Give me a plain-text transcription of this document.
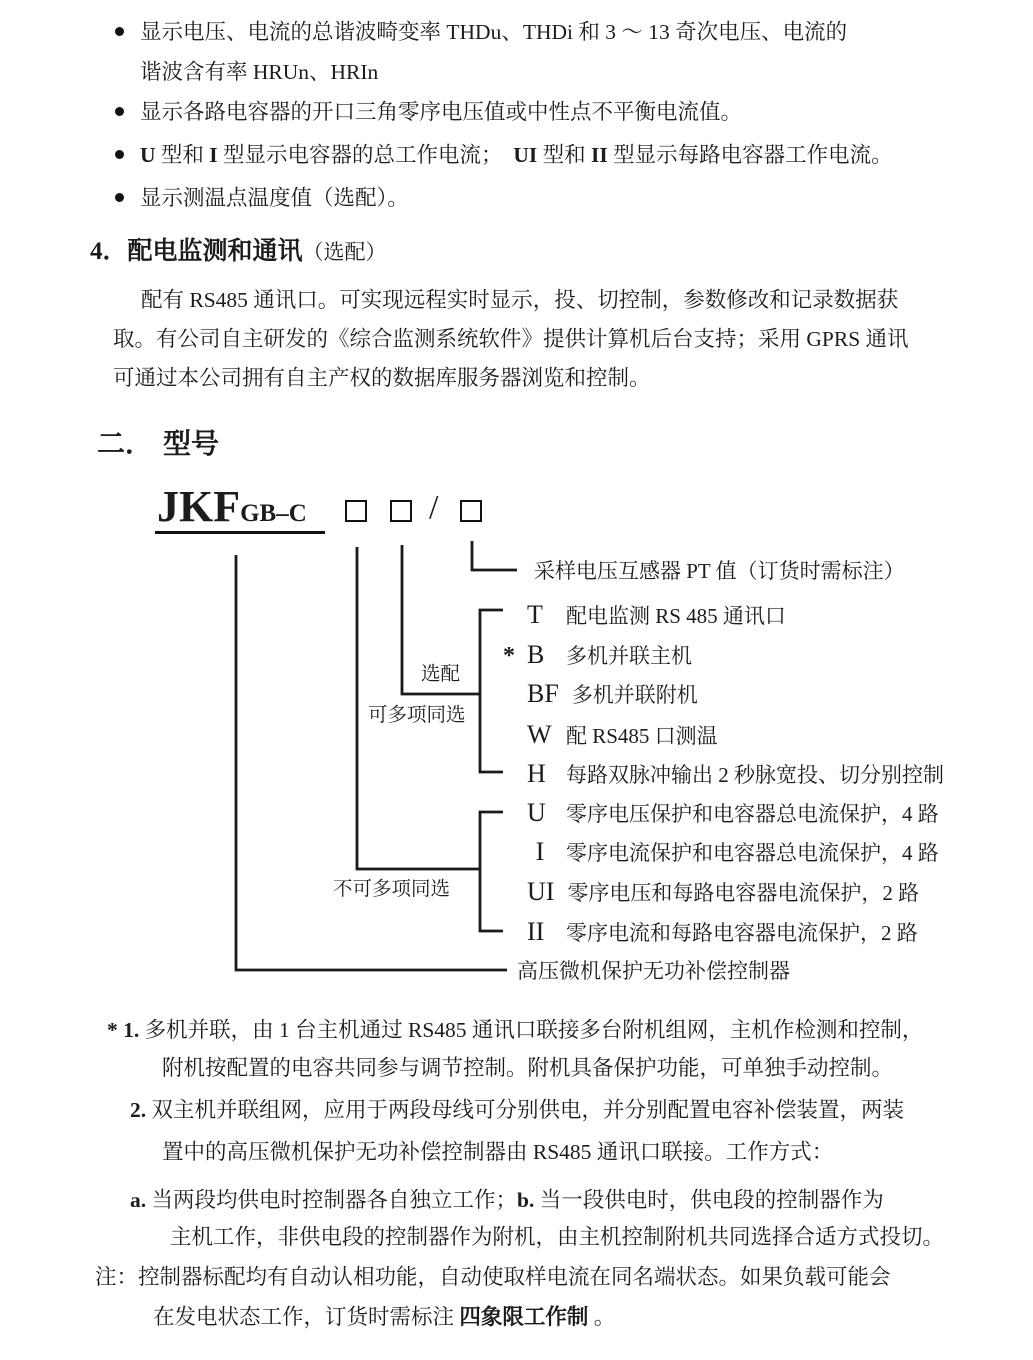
显示电压、电流的总谐波畸变率 THDu、THDi 和 3 ～ 13 奇次电压、电流的
谐波含有率 HRUn、HRIn
显示各路电容器的开口三角零序电压值或中性点不平衡电流值。
U 型和 I 型显示电容器的总工作电流；　UI 型和 II 型显示每路电容器工作电流。
显示测温点温度值（选配）。
4．配电监测和通讯（选配）
配有 RS485 通讯口。可实现远程实时显示，投、切控制，参数修改和记录数据获
取。有公司自主研发的《综合监测系统软件》提供计算机后台支持；采用 GPRS 通讯
可通过本公司拥有自主产权的数据库服务器浏览和控制。
二． 型号
JKFGB–C	/
采样电压互感器 PT 值（订货时需标注）
选配
可多项同选
不可多项同选
T	配电监测 RS 485 通讯口
* B	多机并联主机
BF 多机并联附机
W 配 RS485 口测温
H 每路双脉冲输出 2 秒脉宽投、切分别控制
U 零序电压保护和电容器总电流保护，4 路
I	零序电流保护和电容器总电流保护，4 路
UI 零序电压和每路电容器电流保护，2 路
II	零序电流和每路电容器电流保护，2 路
高压微机保护无功补偿控制器
* 1. 多机并联，由 1 台主机通过 RS485 通讯口联接多台附机组网，主机作检测和控制，
附机按配置的电容共同参与调节控制。附机具备保护功能，可单独手动控制。
2. 双主机并联组网，应用于两段母线可分别供电，并分别配置电容补偿装置，两装
置中的高压微机保护无功补偿控制器由 RS485 通讯口联接。工作方式：
a. 当两段均供电时控制器各自独立工作；b. 当一段供电时，供电段的控制器作为
主机工作，非供电段的控制器作为附机，由主机控制附机共同选择合适方式投切。
注：控制器标配均有自动认相功能，自动使取样电流在同名端状态。如果负载可能会
在发电状态工作，订货时需标注 四象限工作制 。
